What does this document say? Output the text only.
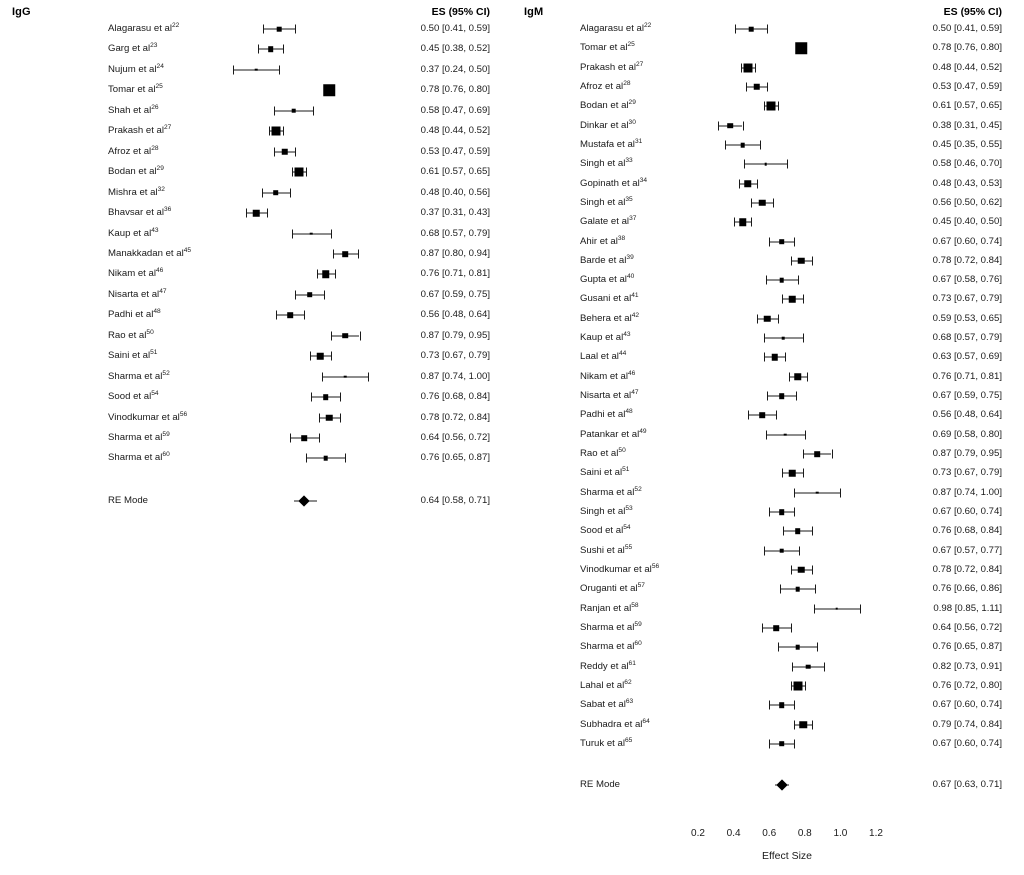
IgG	ES (95% CI)
Alagarasu et $al^{22}$	0.50 [0.41, 0.59]
Garg et $al^{23}$	0.45 [0.38, 0.52]
Nujum et $al^{24}$	0.37 [0.24, 0.50]
Tomar et $al^{25}$	0.78 [0.76, 0.80]
Shah et $al^{26}$	0.58 [0.47, 0.69]
Prakash et $al^{27}$	0.48 [0.44, 0.52]
Afroz et $al^{28}$	0.53 [0.47, 0.59]
Bodan et $al^{29}$	0.61 [0.57, 0.65]
Mishra et $al^{32}$	0.48 [0.40, 0.56]
Bhavsar et $al^{36}$	0.37 [0.31, 0.43]
Kaup et $al^{43}$	0.68 [0.57, 0.79]
Manakkadan et $al^{45}$	0.87 [0.80, 0.94]
Nikam et $al^{46}$	0.76 [0.71, 0.81]
Nisarta et $al^{47}$	0.67 [0.59, 0.75]
Padhi et $al^{48}$	0.56 [0.48, 0.64]
Rao et $al^{50}$	0.87 [0.79, 0.95]
Saini et $al^{51}$	0.73 [0.67, 0.79]
Sharma et $al^{52}$	0.87 [0.74, 1.00]
Sood et $al^{54}$	0.76 [0.68, 0.84]
Vinodkumar et $al^{56}$	0.78 [0.72, 0.84]
Sharma et $al^{59}$	0.64 [0.56, 0.72]
Sharma et $al^{60}$	0.76 [0.65, 0.87]
RE Mode	0.64 [0.58, 0.71]
IgM	ES (95% CI)
Alagarasu et $al^{22}$	0.50 [0.41, 0.59]
Tomar et $al^{25}$	0.78 [0.76, 0.80]
Prakash et $al^{27}$	0.48 [0.44, 0.52]
Afroz et $al^{28}$	0.53 [0.47, 0.59]
Bodan et $al^{29}$	0.61 [0.57, 0.65]
Dinkar et $al^{30}$	0.38 [0.31, 0.45]
Mustafa et $al^{31}$	0.45 [0.35, 0.55]
Singh et $al^{33}$	0.58 [0.46, 0.70]
Gopinath et $al^{34}$	0.48 [0.43, 0.53]
Singh et $al^{35}$	0.56 [0.50, 0.62]
Galate et $al^{37}$	0.45 [0.40, 0.50]
Ahir et $al^{38}$	0.67 [0.60, 0.74]
Barde et $al^{39}$	0.78 [0.72, 0.84]
Gupta et $al^{40}$	0.67 [0.58, 0.76]
Gusani et $al^{41}$	0.73 [0.67, 0.79]
Behera et $al^{42}$	0.59 [0.53, 0.65]
Kaup et $al^{43}$	0.68 [0.57, 0.79]
Laal et $al^{44}$	0.63 [0.57, 0.69]
Nikam et $al^{46}$	0.76 [0.71, 0.81]
Nisarta et $al^{47}$	0.67 [0.59, 0.75]
Padhi et $al^{48}$	0.56 [0.48, 0.64]
Patankar et $al^{49}$	0.69 [0.58, 0.80]
Rao et $al^{50}$	0.87 [0.79, 0.95]
Saini et $al^{51}$	0.73 [0.67, 0.79]
Sharma et $al^{52}$	0.87 [0.74, 1.00]
Singh et $al^{53}$	0.67 [0.60, 0.74]
Sood et $al^{54}$	0.76 [0.68, 0.84]
Sushi et $al^{55}$	0.67 [0.57, 0.77]
Vinodkumar et $al^{56}$	0.78 [0.72, 0.84]
Oruganti et $al^{57}$	0.76 [0.66, 0.86]
Ranjan et $al^{58}$	0.98 [0.85, 1.11]
Sharma et $al^{59}$	0.64 [0.56, 0.72]
Sharma et $al^{60}$	0.76 [0.65, 0.87]
Reddy et $al^{61}$	0.82 [0.73, 0.91]
Lahal et $al^{62}$	0.76 [0.72, 0.80]
Sabat et $al^{63}$	0.67 [0.60, 0.74]
Subhadra et $al^{64}$	0.79 [0.74, 0.84]
Turuk et $al^{65}$	0.67 [0.60, 0.74]
RE Mode	0.67 [0.63, 0.71]
0.2 0.4 0.6 0.8 1.0 1.2
Effect Size
